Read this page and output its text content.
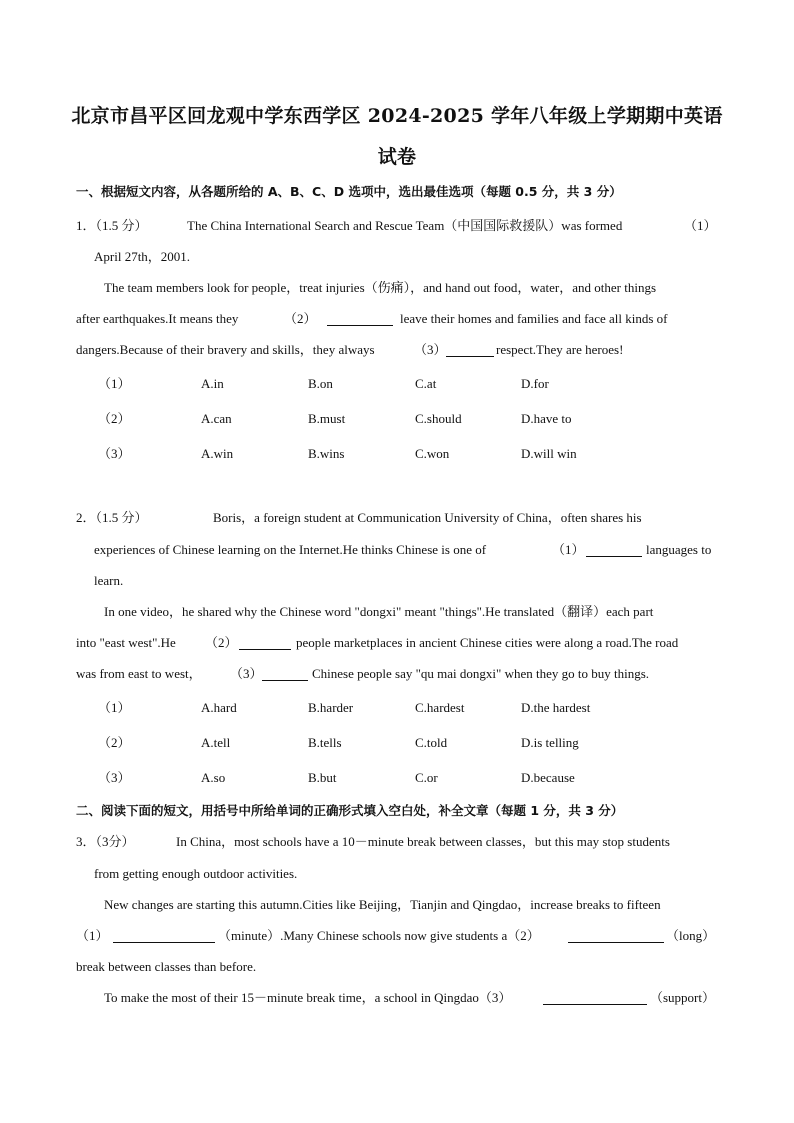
北京市昌平区回龙观中学东西学区 2024-2025 学年八年级上学期期中英语
试卷
一、根据短文内容，从各题所给的 A、B、C、D 选项中，选出最佳选项（每题 0.5 分，共 3 分）
1．（1.5 分）	The China International Search and Rescue Team（中国国际救援队）was formed	（1）
April 27th，2001.
The team members look for people，treat injuries（伤痛），and hand out food，water，and other things
after earthquakes.It means they	（2）	leave their homes and families and face all kinds of
dangers.Because of their bravery and skills，they always	（3）	respect.They are heroes!
（1）	A.in	B.on	C.at	D.for
（2）	A.can	B.must	C.should	D.have to
（3）	A.win	B.wins	C.won	D.will win
2．（1.5 分）	Boris，a foreign student at Communication University of China，often shares his
experiences of Chinese learning on the Internet.He thinks Chinese is one of	（1）	languages to
learn.
In one video，he shared why the Chinese word "dongxi" meant "things".He translated（翻译）each part
into "east west".He （2）	people marketplaces in ancient Chinese cities were along a road.The road
was from east to west， （3）	Chinese people say "qu mai dongxi" when they go to buy things.
（1）	A.hard	B.harder	C.hardest	D.the hardest
（2）	A.tell	B.tells	C.told	D.is telling
（3）	A.so	B.but	C.or	D.because
二、阅读下面的短文，用括号中所给单词的正确形式填入空白处，补全文章（每题 1 分，共 3 分）
3．（3分）	In China，most schools have a 10－minute break between classes，but this may stop students
from getting enough outdoor activities.
New changes are starting this autumn.Cities like Beijing，Tianjin and Qingdao，increase breaks to fifteen
（1）	（minute）.Many Chinese schools now give students a（2）	（long）
break between classes than before.
To make the most of their 15－minute break time，a school in Qingdao（3）	（support）
